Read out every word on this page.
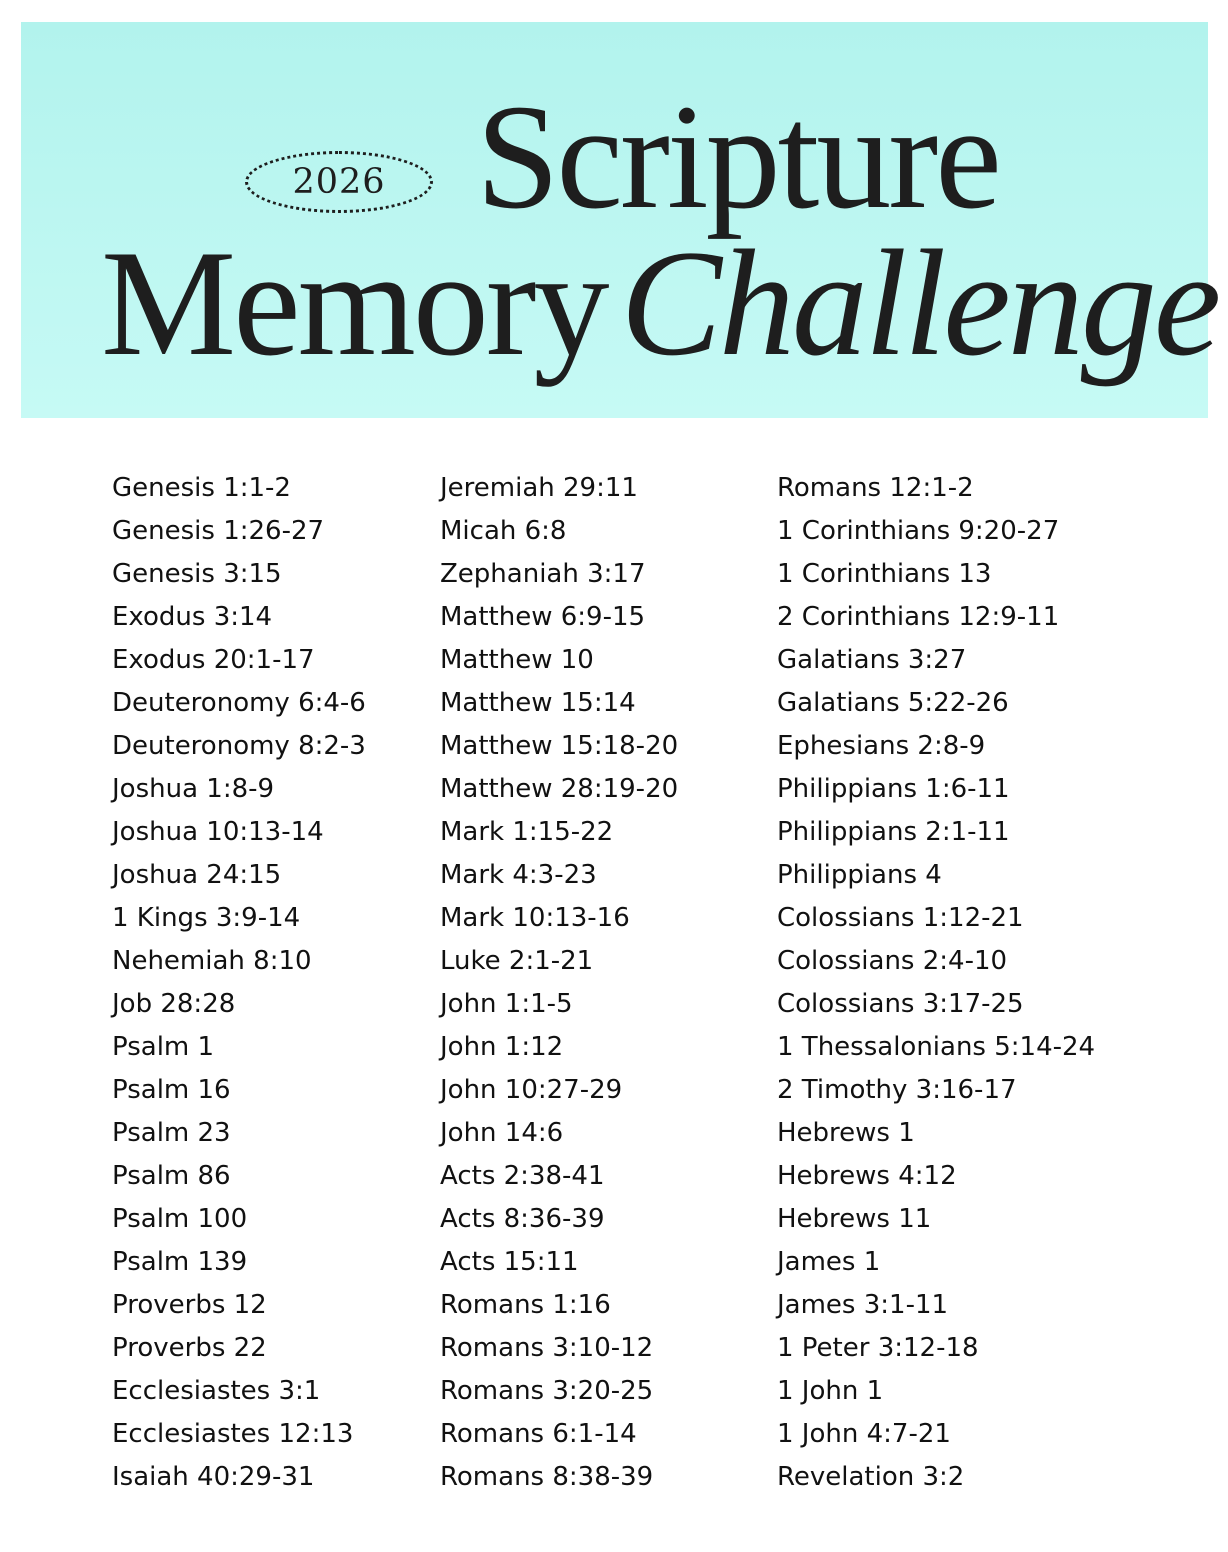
2026 Scripture
MemoryChallenge
Genesis 1:1-2
Genesis 1:26-27
Genesis 3:15
Exodus 3:14
Exodus 20:1-17
Deuteronomy 6:4-6
Deuteronomy 8:2-3
Joshua 1:8-9
Joshua 10:13-14
Joshua 24:15
1 Kings 3:9-14
Nehemiah 8:10
Job 28:28
Psalm 1
Psalm 16
Psalm 23
Psalm 86
Psalm 100
Psalm 139
Proverbs 12
Proverbs 22
Ecclesiastes 3:1
Ecclesiastes 12:13
Isaiah 40:29-31
Jeremiah 29:11
Micah 6:8
Zephaniah 3:17
Matthew 6:9-15
Matthew 10
Matthew 15:14
Matthew 15:18-20
Matthew 28:19-20
Mark 1:15-22
Mark 4:3-23
Mark 10:13-16
Luke 2:1-21
John 1:1-5
John 1:12
John 10:27-29
John 14:6
Acts 2:38-41
Acts 8:36-39
Acts 15:11
Romans 1:16
Romans 3:10-12
Romans 3:20-25
Romans 6:1-14
Romans 8:38-39
Romans 12:1-2
1 Corinthians 9:20-27
1 Corinthians 13
2 Corinthians 12:9-11
Galatians 3:27
Galatians 5:22-26
Ephesians 2:8-9
Philippians 1:6-11
Philippians 2:1-11
Philippians 4
Colossians 1:12-21
Colossians 2:4-10
Colossians 3:17-25
1 Thessalonians 5:14-24
2 Timothy 3:16-17
Hebrews 1
Hebrews 4:12
Hebrews 11
James 1
James 3:1-11
1 Peter 3:12-18
1 John 1
1 John 4:7-21
Revelation 3:2
